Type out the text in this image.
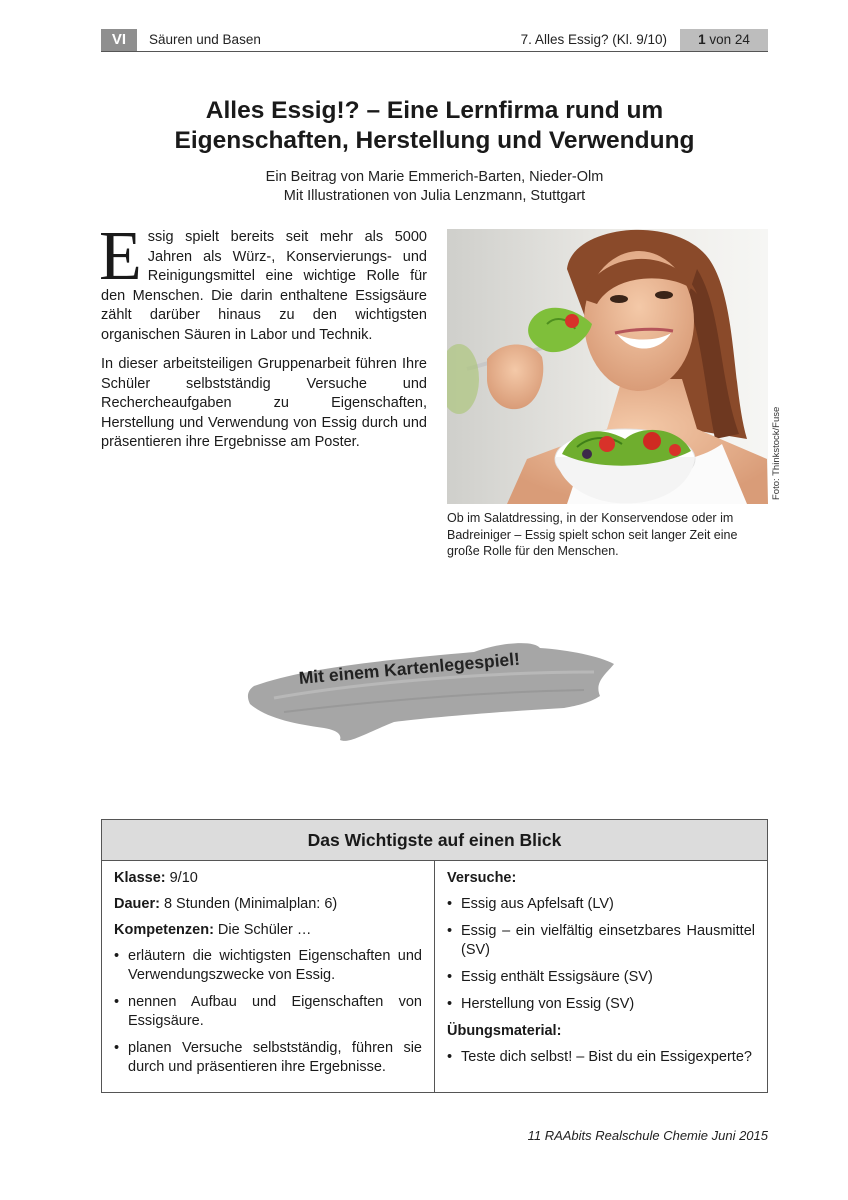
VI	Säuren und Basen	7. Alles Essig? (Kl. 9/10)	1 von 24
Alles Essig!? – Eine Lernfirma rund um
Eigenschaften, Herstellung und Verwendung
Ein Beitrag von Marie Emmerich-Barten, Nieder-Olm
Mit Illustrationen von Julia Lenzmann, Stuttgart

Essig spielt bereits seit mehr als 5000 Jahren als Würz-, Konservierungs- und Reinigungsmittel eine wichtige Rolle für den Menschen. Die darin enthaltene Essigsäure zählt darüber hinaus zu den wichtigsten organischen Säuren in Labor und Technik.

In dieser arbeitsteiligen Gruppenarbeit führen Ihre Schüler selbstständig Versuche und Rechercheaufgaben zu Eigenschaften, Herstellung und Verwendung von Essig durch und präsentieren ihre Ergebnisse am Poster.	Foto: Thinkstock/Fuse
Ob im Salatdressing, in der Konservendose oder im Badreiniger – Essig spielt schon seit langer Zeit eine große Rolle für den Menschen.
Mit einem Kartenlegespiel!
Das Wichtigste auf einen Blick
Klasse: 9/10
Dauer: 8 Stunden (Minimalplan: 6)
Kompetenzen: Die Schüler …
• erläutern die wichtigsten Eigenschaften und Verwendungszwecke von Essig.
• nennen Aufbau und Eigenschaften von Essigsäure.
• planen Versuche selbstständig, führen sie durch und präsentieren ihre Ergebnisse.
Versuche:
• Essig aus Apfelsaft (LV)
• Essig – ein vielfältig einsetzbares Hausmittel (SV)
• Essig enthält Essigsäure (SV)
• Herstellung von Essig (SV)
Übungsmaterial:
• Teste dich selbst! – Bist du ein Essigexperte?
11 RAAbits Realschule Chemie Juni 2015
